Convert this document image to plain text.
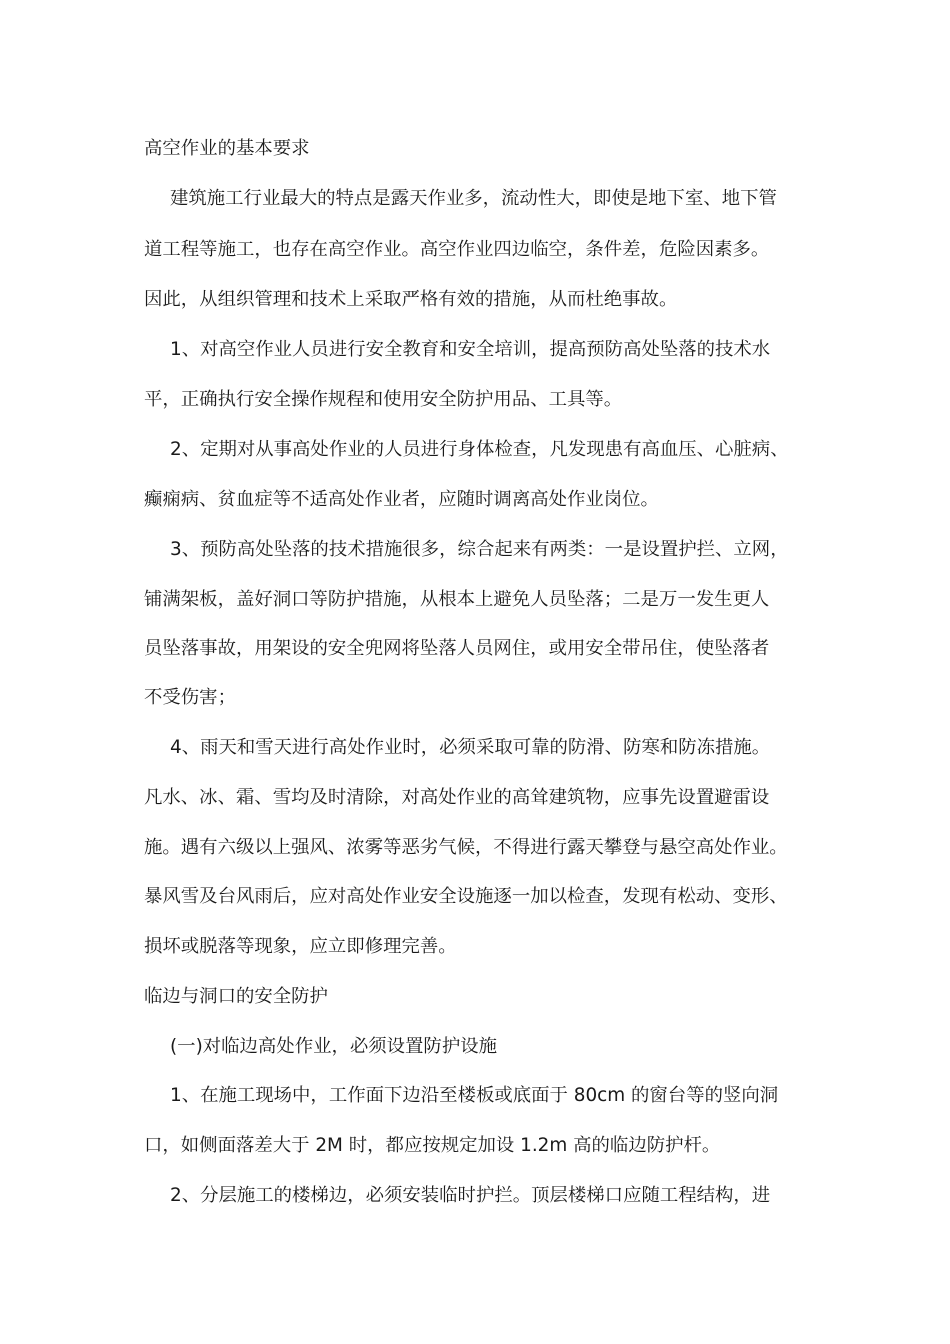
高空作业的基本要求
建筑施工行业最大的特点是露天作业多，流动性大，即使是地下室、地下管
道工程等施工，也存在高空作业。高空作业四边临空，条件差，危险因素多。
因此，从组织管理和技术上采取严格有效的措施，从而杜绝事故。
1、对高空作业人员进行安全教育和安全培训，提高预防高处坠落的技术水
平，正确执行安全操作规程和使用安全防护用品、工具等。
2、定期对从事高处作业的人员进行身体检查，凡发现患有高血压、心脏病、
癫痫病、贫血症等不适高处作业者，应随时调离高处作业岗位。
3、预防高处坠落的技术措施很多，综合起来有两类：一是设置护拦、立网，
铺满架板，盖好洞口等防护措施，从根本上避免人员坠落；二是万一发生更人
员坠落事故，用架设的安全兜网将坠落人员网住，或用安全带吊住，使坠落者
不受伤害；
4、雨天和雪天进行高处作业时，必须采取可靠的防滑、防寒和防冻措施。
凡水、冰、霜、雪均及时清除，对高处作业的高耸建筑物，应事先设置避雷设
施。遇有六级以上强风、浓雾等恶劣气候，不得进行露天攀登与悬空高处作业。
暴风雪及台风雨后，应对高处作业安全设施逐一加以检查，发现有松动、变形、
损坏或脱落等现象，应立即修理完善。
临边与洞口的安全防护
(一)对临边高处作业，必须设置防护设施
1、在施工现场中，工作面下边沿至楼板或底面于 80cm 的窗台等的竖向洞
口，如侧面落差大于 2M 时，都应按规定加设 1.2m 高的临边防护杆。
2、分层施工的楼梯边，必须安装临时护拦。顶层楼梯口应随工程结构，进
